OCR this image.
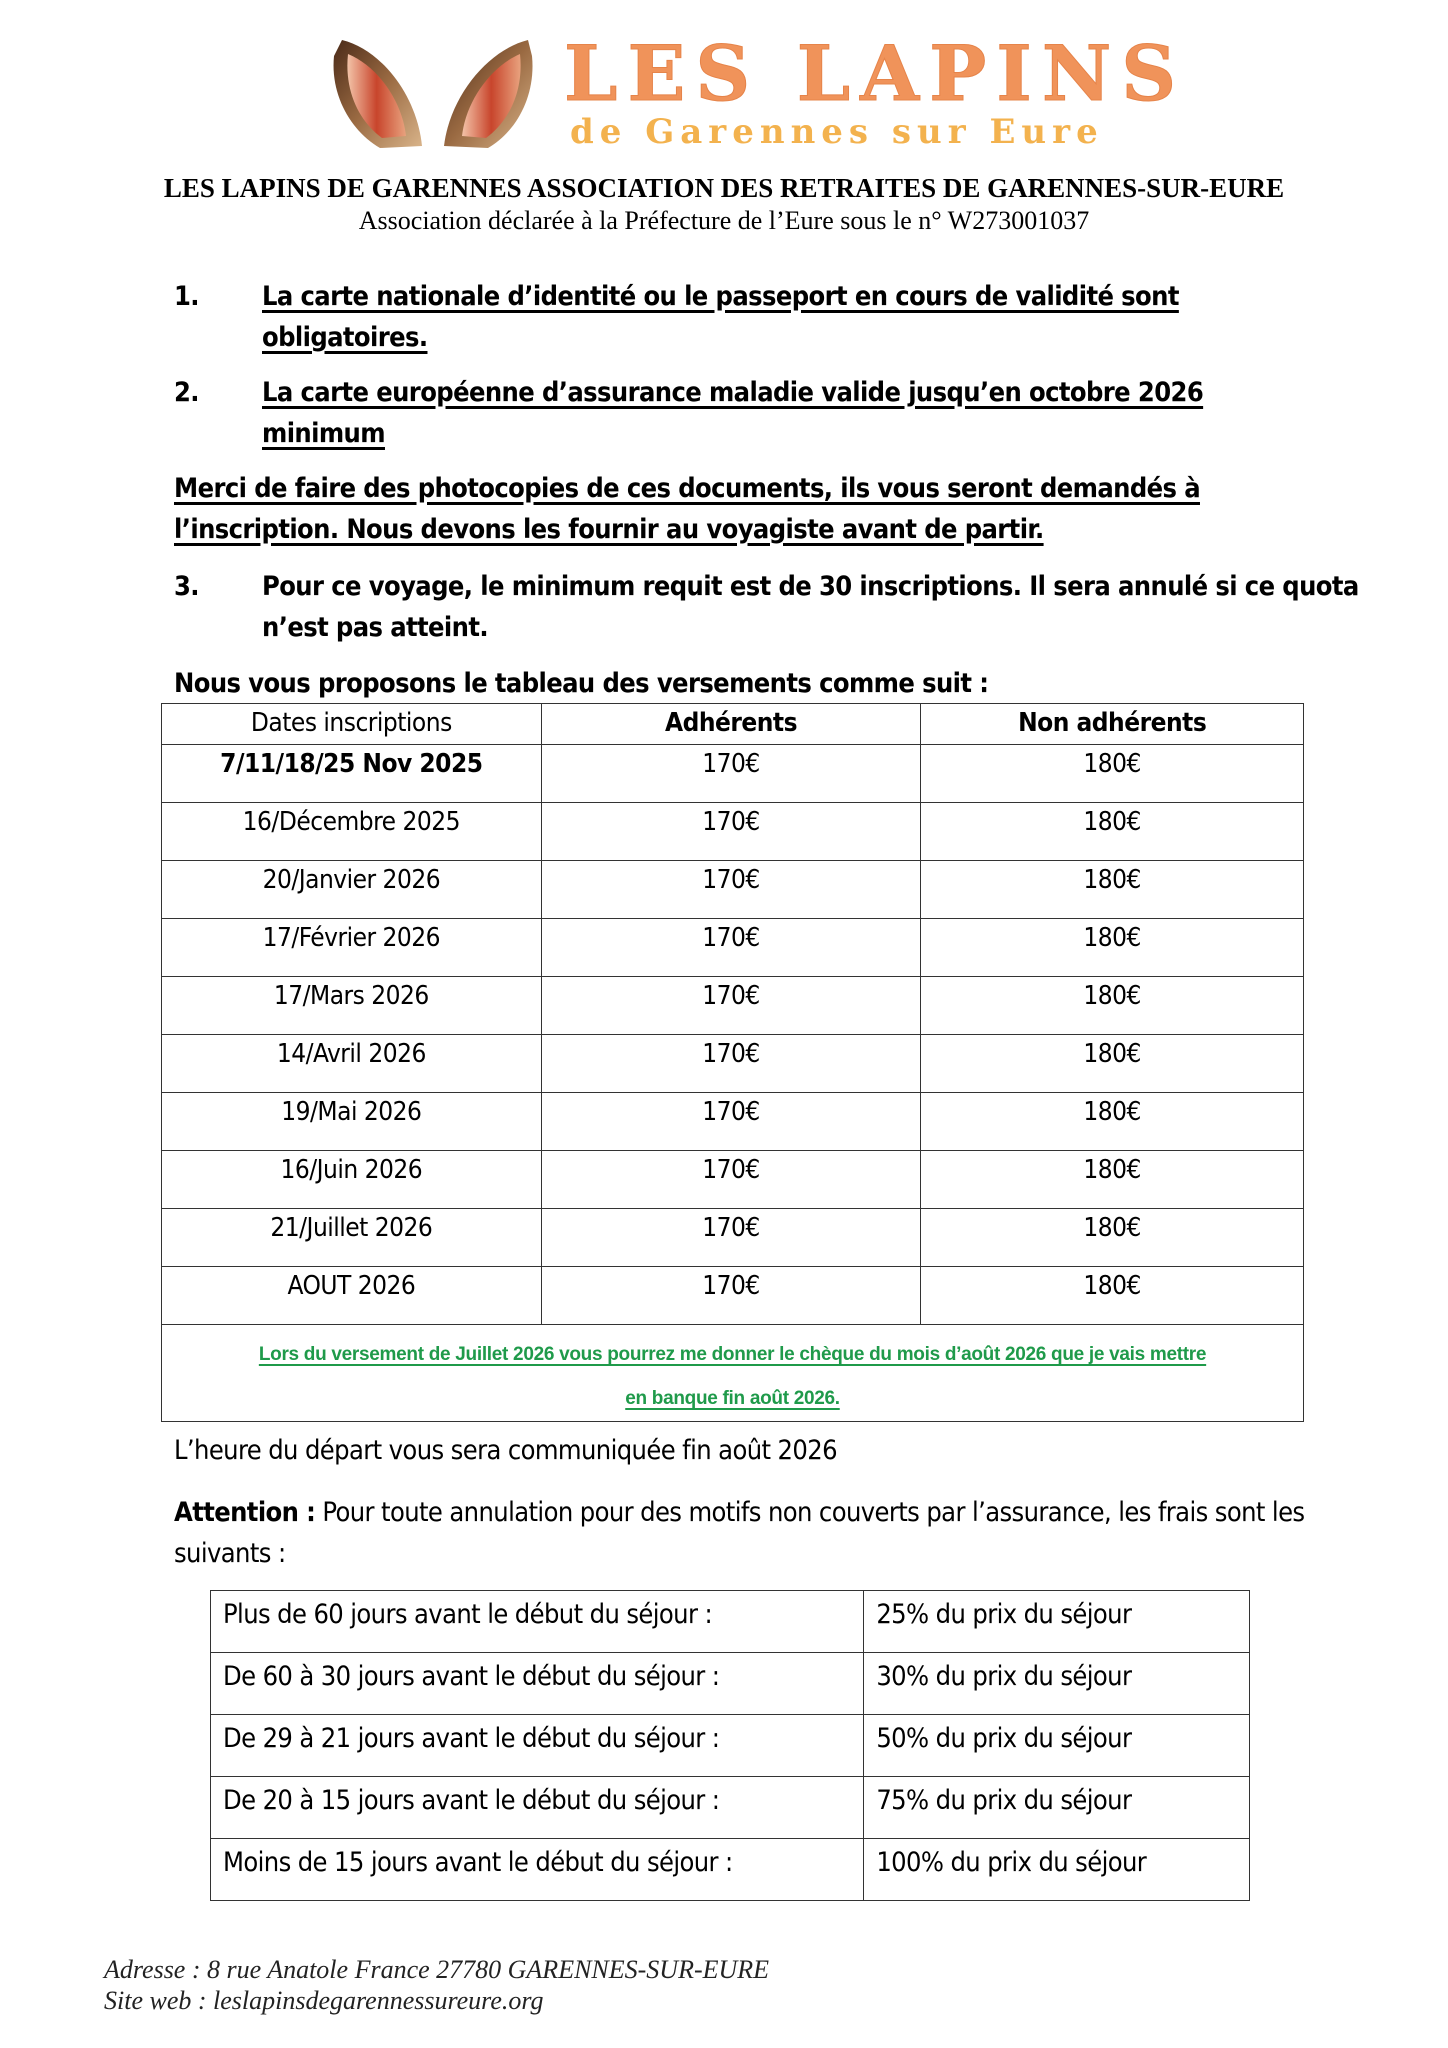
LES LAPINS
de Garennes sur Eure
LES LAPINS DE GARENNES ASSOCIATION DES RETRAITES DE GARENNES-SUR-EURE
Association déclarée à la Préfecture de l’Eure sous le n° W273001037
1. La carte nationale d’identité ou le passeport en cours de validité sont obligatoires.
2. La carte européenne d’assurance maladie valide jusqu’en octobre 2026 minimum
Merci de faire des photocopies de ces documents, ils vous seront demandés à l’inscription. Nous devons les fournir au voyagiste avant de partir.
3. Pour ce voyage, le minimum requit est de 30 inscriptions. Il sera annulé si ce quota n’est pas atteint.
Nous vous proposons le tableau des versements comme suit :
Dates inscriptions	Adhérents	Non adhérents
7/11/18/25 Nov 2025	170€	180€
16/Décembre 2025	170€	180€
20/Janvier 2026	170€	180€
17/Février 2026	170€	180€
17/Mars 2026	170€	180€
14/Avril 2026	170€	180€
19/Mai 2026	170€	180€
16/Juin 2026	170€	180€
21/Juillet 2026	170€	180€
AOUT 2026	170€	180€
Lors du versement de Juillet 2026 vous pourrez me donner le chèque du mois d’août 2026 que je vais mettre
en banque fin août 2026.		
L’heure du départ vous sera communiquée fin août 2026
Attention : Pour toute annulation pour des motifs non couverts par l’assurance, les frais sont les suivants :
Plus de 60 jours avant le début du séjour :	25% du prix du séjour
De 60 à 30 jours avant le début du séjour :	30% du prix du séjour
De 29 à 21 jours avant le début du séjour :	50% du prix du séjour
De 20 à 15 jours avant le début du séjour :	75% du prix du séjour
Moins de 15 jours avant le début du séjour :	100% du prix du séjour
Adresse : 8 rue Anatole France 27780 GARENNES-SUR-EURE
Site web : leslapinsdegarennessureure.org
